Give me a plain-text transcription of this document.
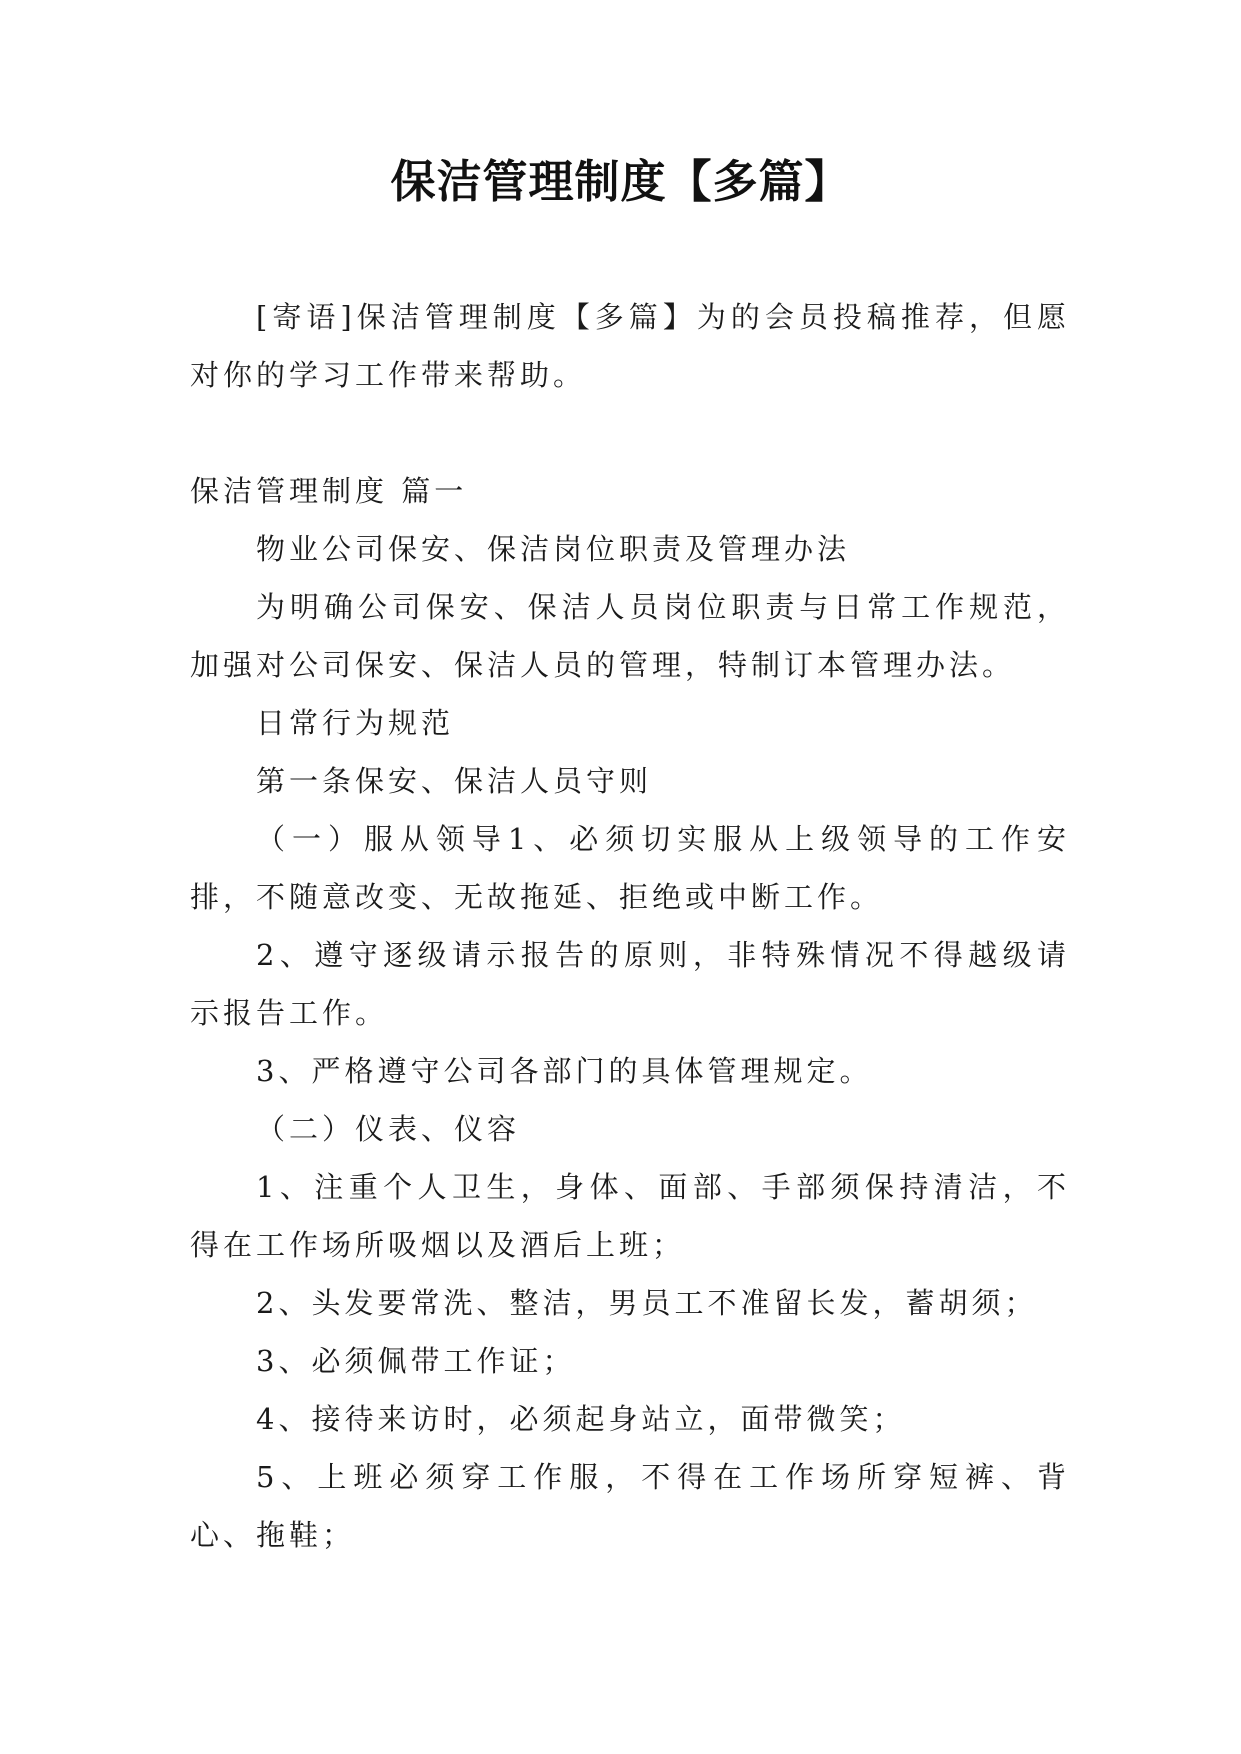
保洁管理制度【多篇】

[寄语]保洁管理制度【多篇】为的会员投稿推荐，但愿对你的学习工作带来帮助。

保洁管理制度 篇一

物业公司保安、保洁岗位职责及管理办法

为明确公司保安、保洁人员岗位职责与日常工作规范，加强对公司保安、保洁人员的管理，特制订本管理办法。

日常行为规范

第一条保安、保洁人员守则

（一）服从领导1、必须切实服从上级领导的工作安排，不随意改变、无故拖延、拒绝或中断工作。

2、遵守逐级请示报告的原则，非特殊情况不得越级请示报告工作。

3、严格遵守公司各部门的具体管理规定。

（二）仪表、仪容

1、注重个人卫生，身体、面部、手部须保持清洁，不得在工作场所吸烟以及酒后上班；

2、头发要常洗、整洁，男员工不准留长发，蓄胡须；

3、必须佩带工作证；

4、接待来访时，必须起身站立，面带微笑；

5、上班必须穿工作服，不得在工作场所穿短裤、背心、拖鞋；
